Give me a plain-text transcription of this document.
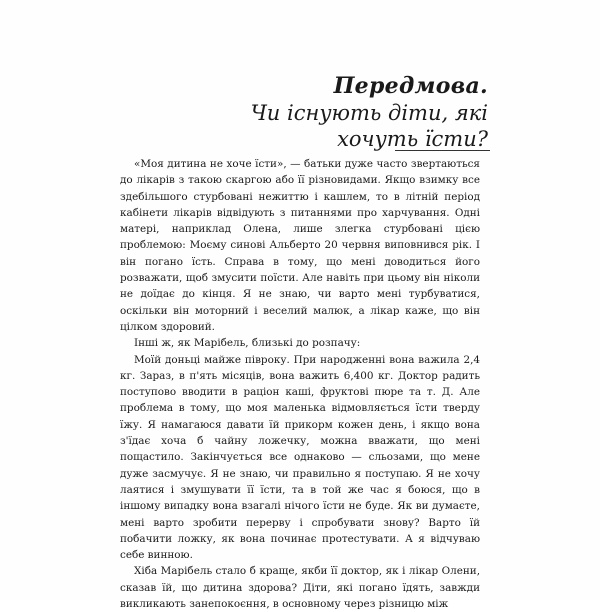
Передмова.
Чи існують діти, які
хочуть їсти?

«Моя дитина не хоче їсти», — батьки дуже часто звертаються до лікарів з такою скаргою або її різновидами. Якщо взимку все здебільшого стурбовані нежиттю і кашлем, то в літній період кабінети лікарів відвідують з питаннями про харчування. Одні матері, наприклад Олена, лише злегка стурбовані цією проблемою: Моєму синові Альберто 20 червня виповнився рік. І він погано їсть. Справа в тому, що мені доводиться його розважати, щоб змусити поїсти. Але навіть при цьому він ніколи не доїдає до кінця. Я не знаю, чи варто мені турбуватися, оскільки він моторний і веселий малюк, а лікар каже, що він цілком здоровий.

Інші ж, як Марібель, близькі до розпачу:

Моїй доньці майже півроку. При народженні вона важила 2,4 кг. Зараз, в п'ять місяців, вона важить 6,400 кг. Доктор радить поступово вводити в раціон каші, фруктові пюре та т. Д. Але проблема в тому, що моя маленька відмовляється їсти тверду їжу. Я намагаюся давати їй прикорм кожен день, і якщо вона з'їдає хоча б чайну ложечку, можна вважати, що мені пощастило. Закінчується все однаково — сльозами, що мене дуже засмучує. Я не знаю, чи правильно я поступаю. Я не хочу лаятися і змушувати її їсти, та в той же час я боюся, що в іншому випадку вона взагалі нічого їсти не буде. Як ви думаєте, мені варто зробити перерву і спробувати знову? Варто їй побачити ложку, як вона починає протестувати. А я відчуваю себе винною.

Хіба Марібель стало б краще, якби її доктор, як і лікар Олени, сказав їй, що дитина здорова? Діти, які погано їдять, завжди викликають занепокоєння, в основному через різницю між
